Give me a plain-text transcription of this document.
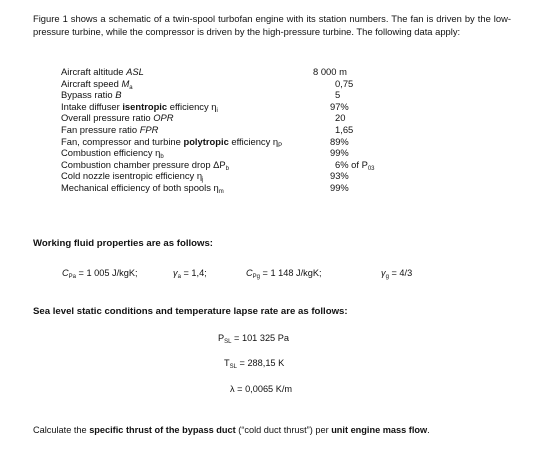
Figure 1 shows a schematic of a twin-spool turbofan engine with its station numbers. The fan is driven by the low-pressure turbine, while the compressor is driven by the high-pressure turbine. The following data apply:

Aircraft altitude ASL	8 000 m
Aircraft speed $M_a$	0,75
Bypass ratio B	5
Intake diffuser isentropic efficiency $\eta_i$	97%
Overall pressure ratio OPR	20
Fan pressure ratio FPR	1,65
Fan, compressor and turbine polytropic efficiency $\eta_P$	89%
Combustion efficiency $\eta_b$	99%
Combustion chamber pressure drop $\Delta P_b$	6% of $P_{03}$
Cold nozzle isentropic efficiency $\eta_j$	93%
Mechanical efficiency of both spools $\eta_m$	99%
Working fluid properties are as follows:
$C_{Pa} = 1$ 005 J/kgK;	$\gamma_a = 1,4$;	$C_{Pg} = 1$ 148 J/kgK;	$\gamma_g = 4/3$
Sea level static conditions and temperature lapse rate are as follows:
$P_{SL} = 101$ 325 Pa
$T_{SL} = 288,15$ K
λ = 0,0065 K/m
Calculate the specific thrust of the bypass duct (“cold duct thrust”) per unit engine mass flow.
